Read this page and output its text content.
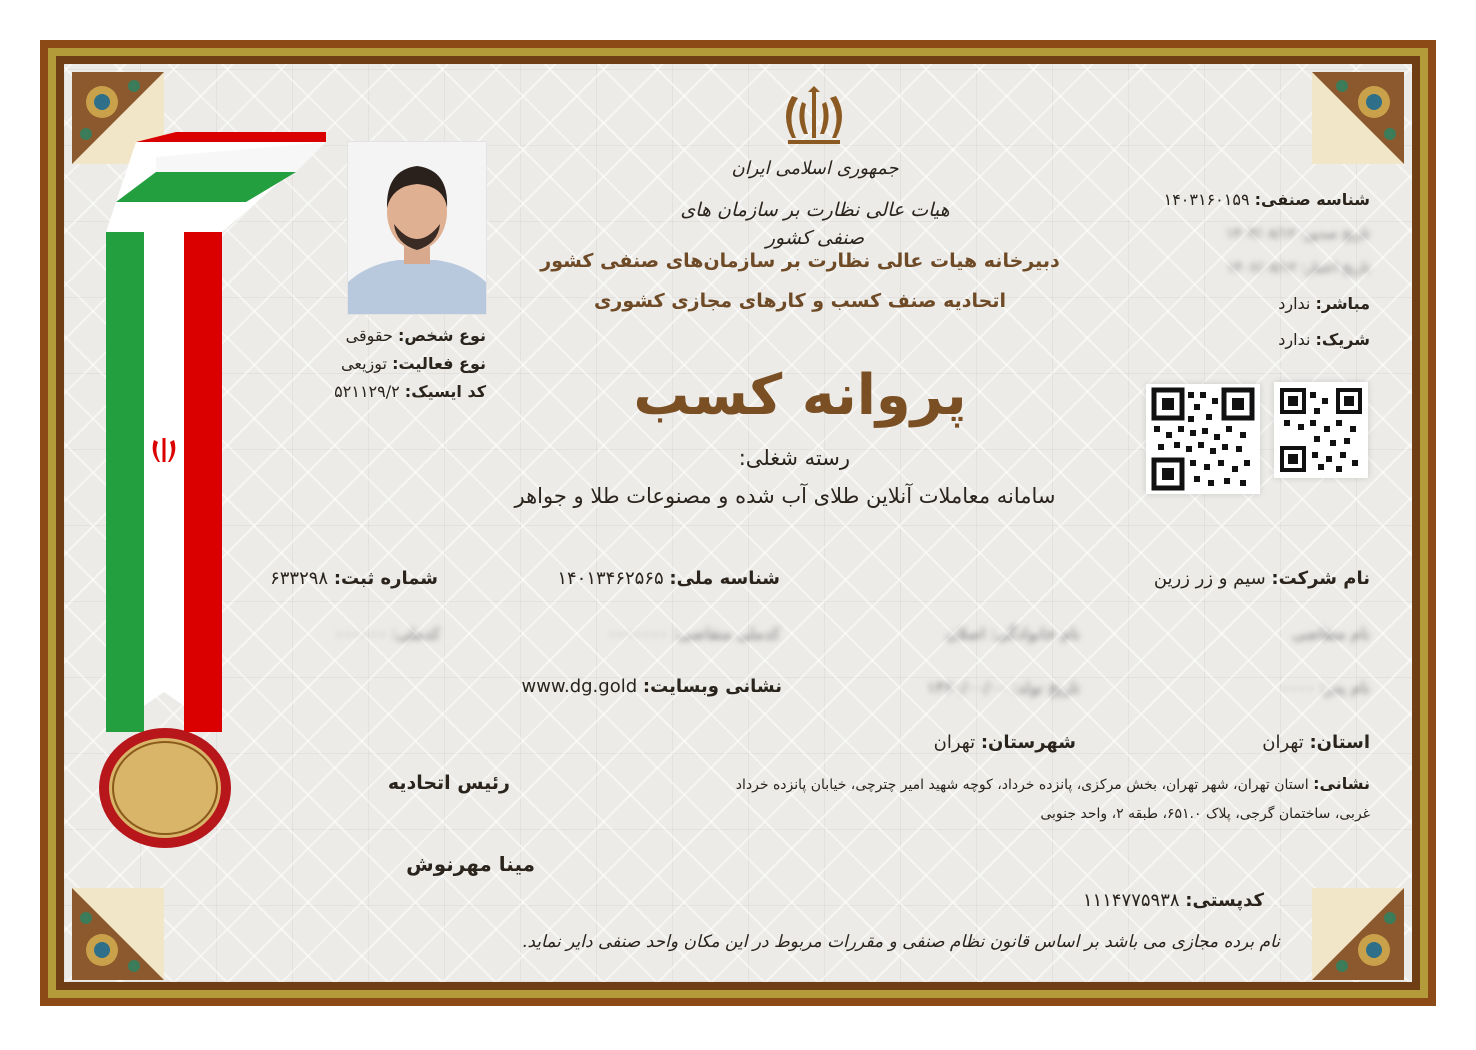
جمهوری اسلامی ایران
هیات عالی نظارت بر سازمان های صنفی کشور
دبیرخانه هیات عالی نظارت بر سازمان‌های صنفی کشور
اتحادیه صنف کسب و کارهای مجازی کشوری
پروانه کسب
رسته شغلی:
سامانه معاملات آنلاین طلای آب شده و مصنوعات طلا و جواهر
شناسه صنفی: ۱۴۰۳۱۶۰۱۵۹
تاریخ صدور: ۱۴۰۳/۰۸/۱۲
تاریخ اعتبار: ۱۴۰۶/۰۸/۱۲
مباشر: ندارد
شریک: ندارد
نوع شخص: حقوقی
نوع فعالیت: توزیعی
کد ایسیک: ۵۲۱۱۲۹/۲
نام شرکت: سیم و زر زرین
شناسه ملی: ۱۴۰۱۳۴۶۲۵۶۵
شماره ثبت: ۶۳۳۲۹۸
نام متقاضی
نام خانوادگی: اصلان
کدملی متقاضی: ۰۰۰۰۰۰۰
کدملی: ۰۰۰۰۰۰
نام پدر: ۰۰۰۰
تاریخ تولد: ۱۳۶۰/۰۰/۰۰
نشانی وبسایت: www.dg.gold
استان: تهران
شهرستان: تهران
نشانی: استان تهران، شهر تهران، بخش مرکزی، پانزده خرداد، کوچه شهید امیر چترچی، خیابان پانزده خرداد
غربی، ساختمان گرجی، پلاک ۶۵۱.۰، طبقه ۲، واحد جنوبی
کدپستی: ۱۱۱۴۷۷۵۹۳۸
رئیس اتحادیه
مینا مهرنوش
نام برده مجازی می باشد بر اساس قانون نظام صنفی و مقررات مربوط در این مکان واحد صنفی دایر نماید.
